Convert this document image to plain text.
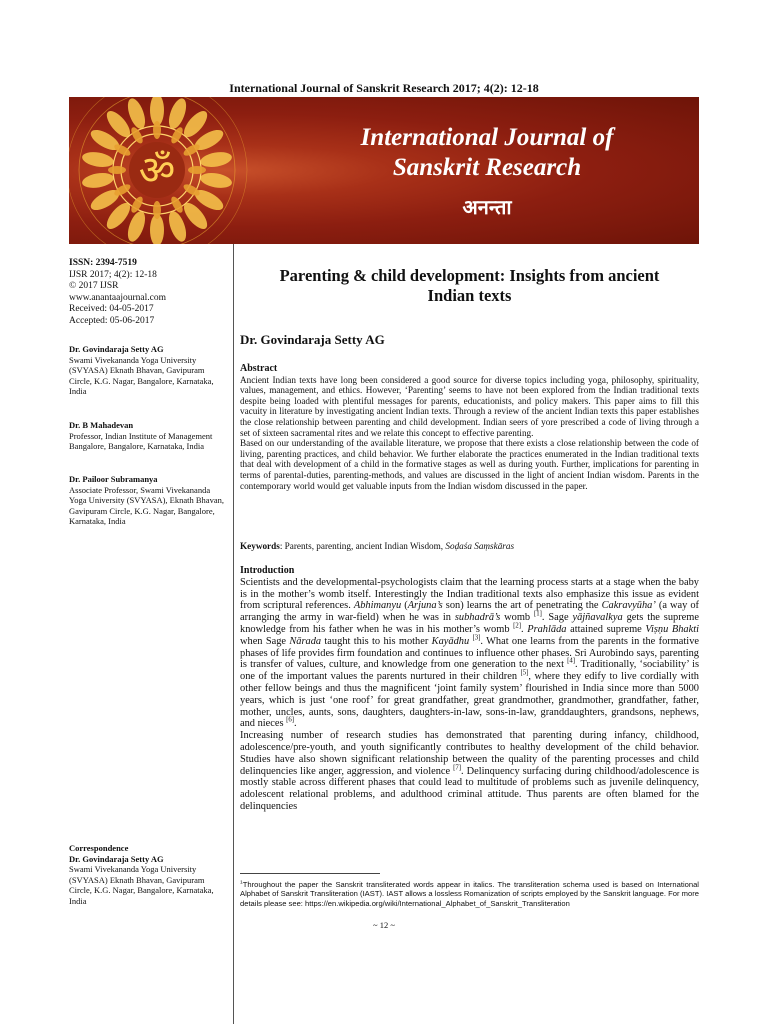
International Journal of Sanskrit Research 2017; 4(2): 12-18
ॐ
International Journal of
Sanskrit Research
अनन्ता
ISSN: 2394-7519
IJSR 2017; 4(2): 12-18
© 2017 IJSR
www.anantaajournal.com
Received: 04-05-2017
Accepted: 05-06-2017
Dr. Govindaraja Setty AG
Swami Vivekananda Yoga University (SVYASA) Eknath Bhavan, Gavipuram Circle, K.G. Nagar, Bangalore, Karnataka, India
Dr. B Mahadevan
Professor, Indian Institute of Management Bangalore, Bangalore, Karnataka, India
Dr. Pailoor Subramanya
Associate Professor, Swami Vivekananda Yoga University (SVYASA), Eknath Bhavan, Gavipuram Circle, K.G. Nagar, Bangalore, Karnataka, India
Correspondence
Dr. Govindaraja Setty AG
Swami Vivekananda Yoga University (SVYASA) Eknath Bhavan, Gavipuram Circle, K.G. Nagar, Bangalore, Karnataka, India
Parenting & child development: Insights from ancient
Indian texts
Dr. Govindaraja Setty AG
Abstract

Ancient Indian texts have long been considered a good source for diverse topics including yoga, philosophy, spirituality, values, management, and ethics. However, ‘Parenting’ seems to have not been explored from the Indian traditional texts despite being loaded with plentiful messages for parents, educationists, and policy makers. This paper aims to fill this vacuity in literature by investigating ancient Indian texts. Through a review of the ancient Indian texts this paper establishes the close relationship between parenting and child development. Indian seers of yore prescribed a code of living through a set of sixteen sacramental rites and we relate this concept to effective parenting.

Based on our understanding of the available literature, we propose that there exists a close relationship between the code of living, parenting practices, and child behavior. We further elaborate the practices enumerated in the Indian traditional texts that deal with development of a child in the formative stages as well as during youth. Further, implications for parenting in terms of parental-duties, parenting-methods, and values are discussed in the light of ancient Indian wisdom. Parents in the contemporary world would get valuable inputs from the Indian wisdom discussed in the paper.

Keywords: Parents, parenting, ancient Indian Wisdom, Soḍaśa Saṃskāras
Introduction

Scientists and the developmental-psychologists claim that the learning process starts at a stage when the baby is in the mother’s womb itself. Interestingly the Indian traditional texts also emphasize this issue as evident from scriptural references. Abhimanyu (Arjuna’s son) learns the art of penetrating the Cakravyūha’ (a way of arranging the army in war-field) when he was in subhadrā’s womb [1]. Sage yājñavalkya gets the supreme knowledge from his father when he was in his mother’s womb [2]. Prahlāda attained supreme Viṣṇu Bhakti when Sage Nārada taught this to his mother Kayādhu [3]. What one learns from the parents in the formative phases of life provides firm foundation and continues to influence other phases. Sri Aurobindo says, parenting is transfer of values, culture, and knowledge from one generation to the next [4]. Traditionally, ‘sociability’ is one of the important values the parents nurtured in their children [5], where they edify to live cordially with other fellow beings and thus the magnificent ‘joint family system’ flourished in India since more than 5000 years, which is just ‘one roof’ for great grandfather, great grandmother, grandmother, grandfather, father, mother, uncles, aunts, sons, daughters, daughters-in-law, sons-in-law, granddaughters, grandsons, nephews, and nieces [6].

Increasing number of research studies has demonstrated that parenting during infancy, childhood, adolescence/pre-youth, and youth significantly contributes to healthy development of the child behavior. Studies have also shown significant relationship between the quality of the parenting processes and child delinquencies like anger, aggression, and violence [7]. Delinquency surfacing during childhood/adolescence is mostly stable across different phases that could lead to multitude of problems such as juvenile delinquency, adolescent relational problems, and adulthood criminal attitude. Thus parents are often blamed for the delinquencies

$^1$Throughout the paper the Sanskrit transliterated words appear in italics. The transliteration schema used is based on International Alphabet of Sanskrit Transliteration (IAST). IAST allows a lossless Romanization of scripts employed by the Sanskrit language. For more details please see: https://en.wikipedia.org/wiki/International_Alphabet_of_Sanskrit_Transliteration
~ 12 ~
